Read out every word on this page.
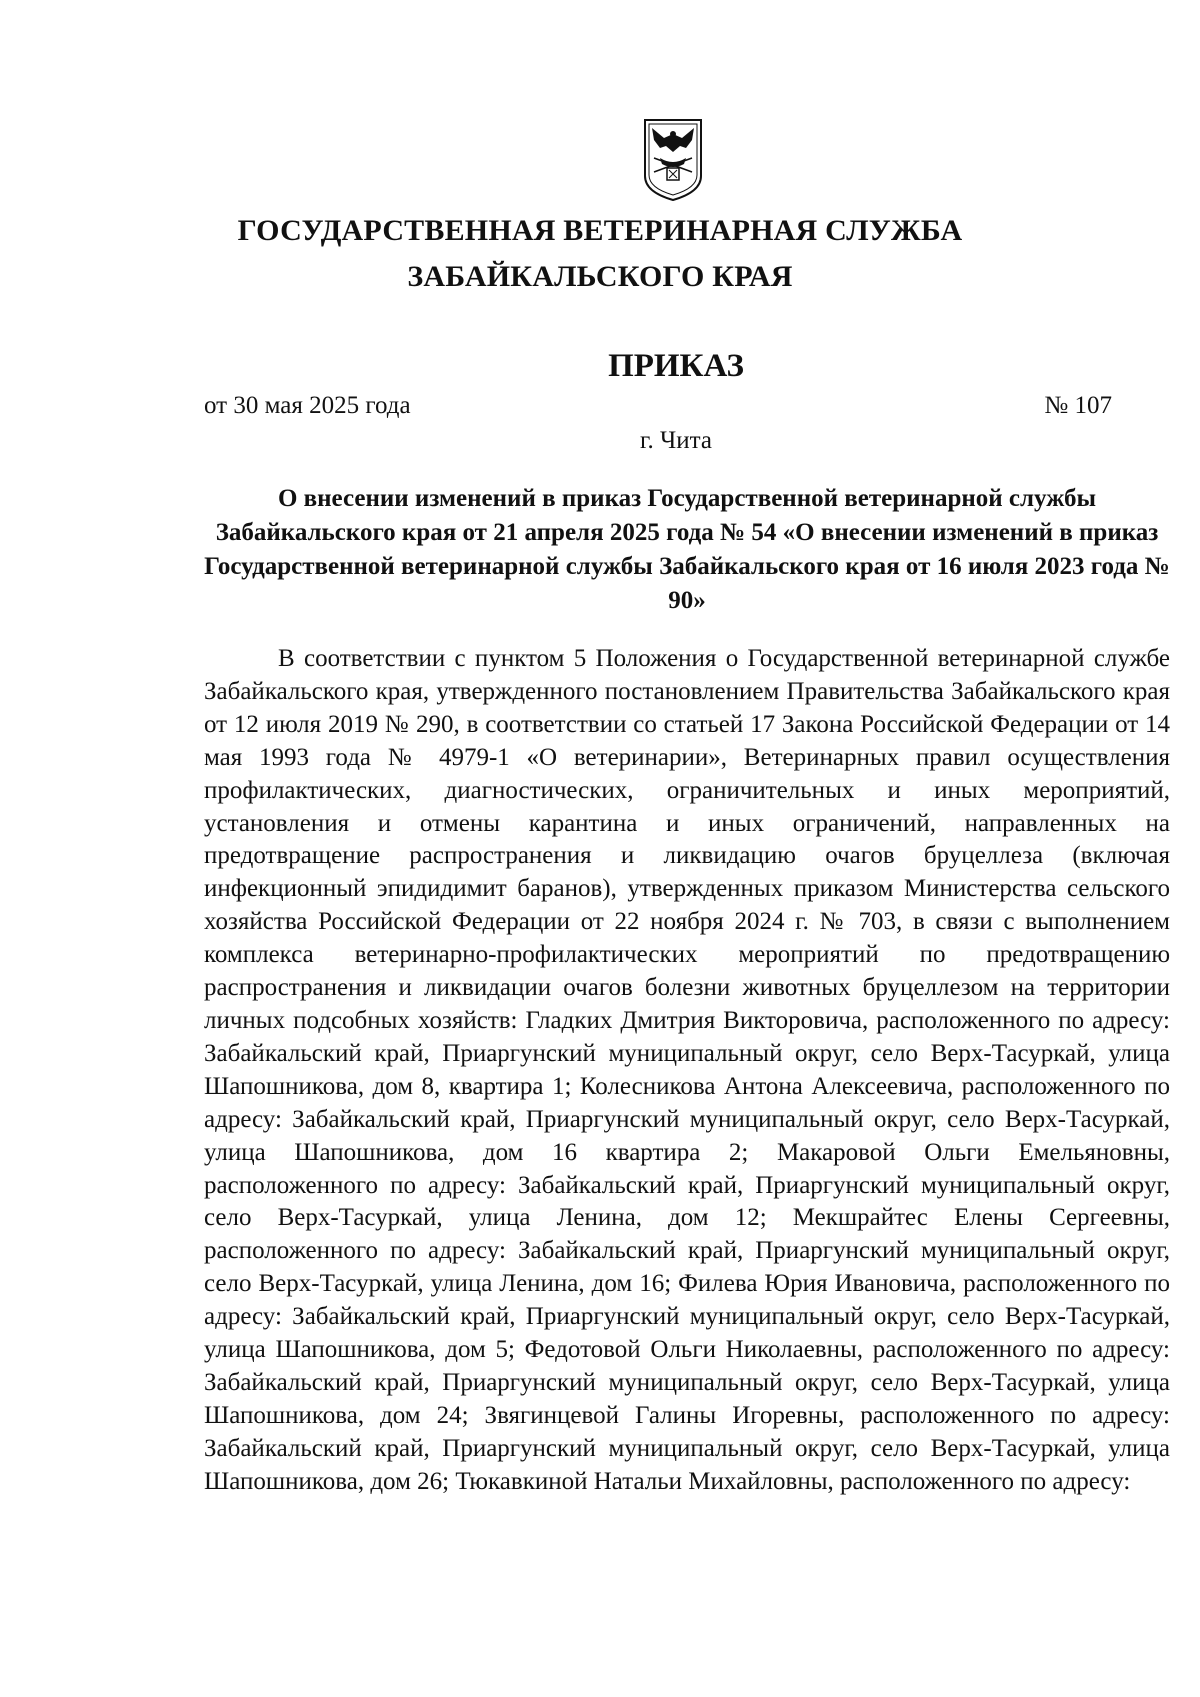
ГОСУДАРСТВЕННАЯ ВЕТЕРИНАРНАЯ СЛУЖБА
ЗАБАЙКАЛЬСКОГО КРАЯ
ПРИКАЗ
от 30 мая 2025 года	№ 107
г. Чита
О внесении изменений в приказ Государственной ветеринарной службы Забайкальского края от 21 апреля 2025 года № 54 «О внесении изменений в приказ Государственной ветеринарной службы Забайкальского края от 16 июля 2023 года № 90»

В соответствии с пунктом 5 Положения о Государственной ветеринарной службе Забайкальского края, утвержденного постановлением Правительства Забайкальского края от 12 июля 2019 № 290, в соответствии со статьей 17 Закона Российской Федерации от 14 мая 1993 года № 4979-1 «О ветеринарии», Ветеринарных правил осуществления профилактических, диагностических, ограничительных и иных мероприятий, установления и отмены карантина и иных ограничений, направленных на предотвращение распространения и ликвидацию очагов бруцеллеза (включая инфекционный эпидидимит баранов), утвержденных приказом Министерства сельского хозяйства Российской Федерации от 22 ноября 2024 г. № 703, в связи с выполнением комплекса ветеринарно-профилактических мероприятий по предотвращению распространения и ликвидации очагов болезни животных бруцеллезом на территории личных подсобных хозяйств: Гладких Дмитрия Викторовича, расположенного по адресу: Забайкальский край, Приаргунский муниципальный округ, село Верх-Тасуркай, улица Шапошникова, дом 8, квартира 1; Колесникова Антона Алексеевича, расположенного по адресу: Забайкальский край, Приаргунский муниципальный округ, село Верх-Тасуркай, улица Шапошникова, дом 16 квартира 2; Макаровой Ольги Емельяновны, расположенного по адресу: Забайкальский край, Приаргунский муниципальный округ, село Верх-Тасуркай, улица Ленина, дом 12; Мекшрайтес Елены Сергеевны, расположенного по адресу: Забайкальский край, Приаргунский муниципальный округ, село Верх-Тасуркай, улица Ленина, дом 16; Филева Юрия Ивановича, расположенного по адресу: Забайкальский край, Приаргунский муниципальный округ, село Верх-Тасуркай, улица Шапошникова, дом 5; Федотовой Ольги Николаевны, расположенного по адресу: Забайкальский край, Приаргунский муниципальный округ, село Верх-Тасуркай, улица Шапошникова, дом 24; Звягинцевой Галины Игоревны, расположенного по адресу: Забайкальский край, Приаргунский муниципальный округ, село Верх-Тасуркай, улица Шапошникова, дом 26; Тюкавкиной Натальи Михайловны, расположенного по адресу:
